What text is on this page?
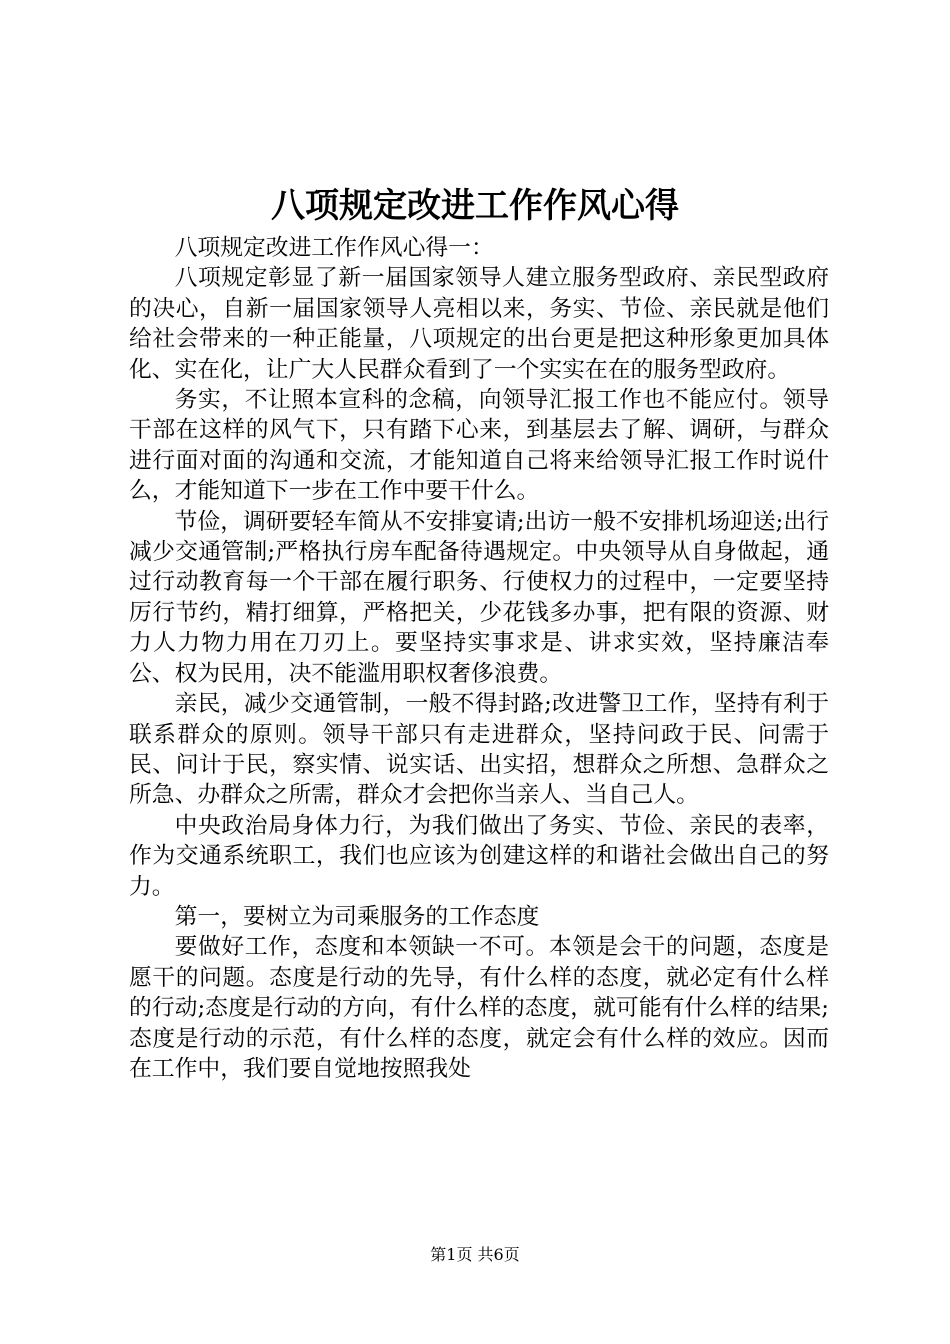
八项规定改进工作作风心得

八项规定改进工作作风心得一：

八项规定彰显了新一届国家领导人建立服务型政府、亲民型政府的决心，自新一届国家领导人亮相以来，务实、节俭、亲民就是他们给社会带来的一种正能量，八项规定的出台更是把这种形象更加具体化、实在化，让广大人民群众看到了一个实实在在的服务型政府。

务实，不让照本宣科的念稿，向领导汇报工作也不能应付。领导干部在这样的风气下，只有踏下心来，到基层去了解、调研，与群众进行面对面的沟通和交流，才能知道自己将来给领导汇报工作时说什么，才能知道下一步在工作中要干什么。

节俭，调研要轻车简从不安排宴请;出访一般不安排机场迎送;出行减少交通管制;严格执行房车配备待遇规定。中央领导从自身做起，通过行动教育每一个干部在履行职务、行使权力的过程中，一定要坚持厉行节约，精打细算，严格把关，少花钱多办事，把有限的资源、财力人力物力用在刀刃上。要坚持实事求是、讲求实效，坚持廉洁奉公、权为民用，决不能滥用职权奢侈浪费。

亲民，减少交通管制，一般不得封路;改进警卫工作，坚持有利于联系群众的原则。领导干部只有走进群众，坚持问政于民、问需于民、问计于民，察实情、说实话、出实招，想群众之所想、急群众之所急、办群众之所需，群众才会把你当亲人、当自己人。

中央政治局身体力行，为我们做出了务实、节俭、亲民的表率，作为交通系统职工，我们也应该为创建这样的和谐社会做出自己的努力。

第一，要树立为司乘服务的工作态度

要做好工作，态度和本领缺一不可。本领是会干的问题，态度是愿干的问题。态度是行动的先导，有什么样的态度，就必定有什么样的行动;态度是行动的方向，有什么样的态度，就可能有什么样的结果;态度是行动的示范，有什么样的态度，就定会有什么样的效应。因而在工作中，我们要自觉地按照我处

第1页 共6页
